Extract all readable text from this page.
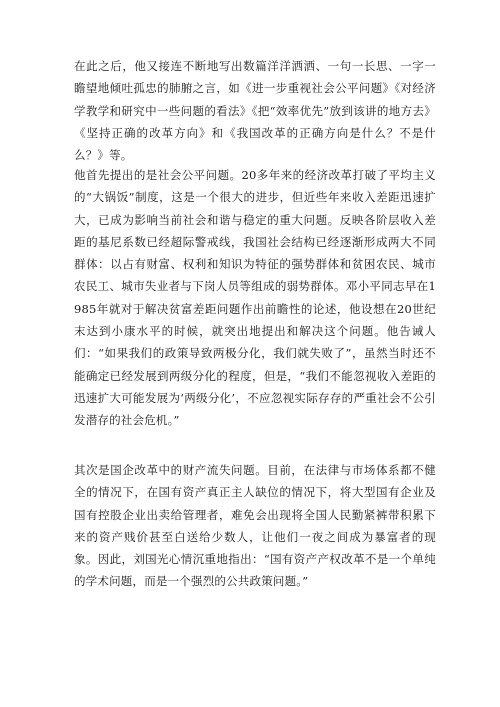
在此之后，他又接连不断地写出数篇洋洋洒洒、一句一长思、一字一瞻望地倾吐孤忠的肺腑之言，如《进一步重视社会公平问题》《对经济学教学和研究中一些问题的看法》《把“效率优先”放到该讲的地方去》《坚持正确的改革方向》和《我国改革的正确方向是什么？不是什么？》等。

他首先提出的是社会公平问题。20多年来的经济改革打破了平均主义的“大锅饭”制度，这是一个很大的进步，但近些年来收入差距迅速扩大，已成为影响当前社会和谐与稳定的重大问题。反映各阶层收入差距的基尼系数已经超际警戒线，我国社会结构已经逐渐形成两大不同群体：以占有财富、权利和知识为特征的强势群体和贫困农民、城市农民工、城市失业者与下岗人员等组成的弱势群体。邓小平同志早在1985年就对于解决贫富差距问题作出前瞻性的论述，他设想在20世纪末达到小康水平的时候，就突出地提出和解决这个问题。他告诫人们：“如果我们的政策导致两极分化，我们就失败了”，虽然当时还不能确定已经发展到两级分化的程度，但是，“我们不能忽视收入差距的迅速扩大可能发展为‘两级分化’，不应忽视实际存存的严重社会不公引发潜存的社会危机。”

其次是国企改革中的财产流失问题。目前，在法律与市场体系都不健全的情况下，在国有资产真正主人缺位的情况下，将大型国有企业及国有控股企业出卖给管理者，难免会出现将全国人民勤紧裤带积累下来的资产贱价甚至白送给少数人，让他们一夜之间成为暴富者的现象。因此，刘国光心情沉重地指出：“国有资产产权改革不是一个单纯的学术问题，而是一个强烈的公共政策问题。”
